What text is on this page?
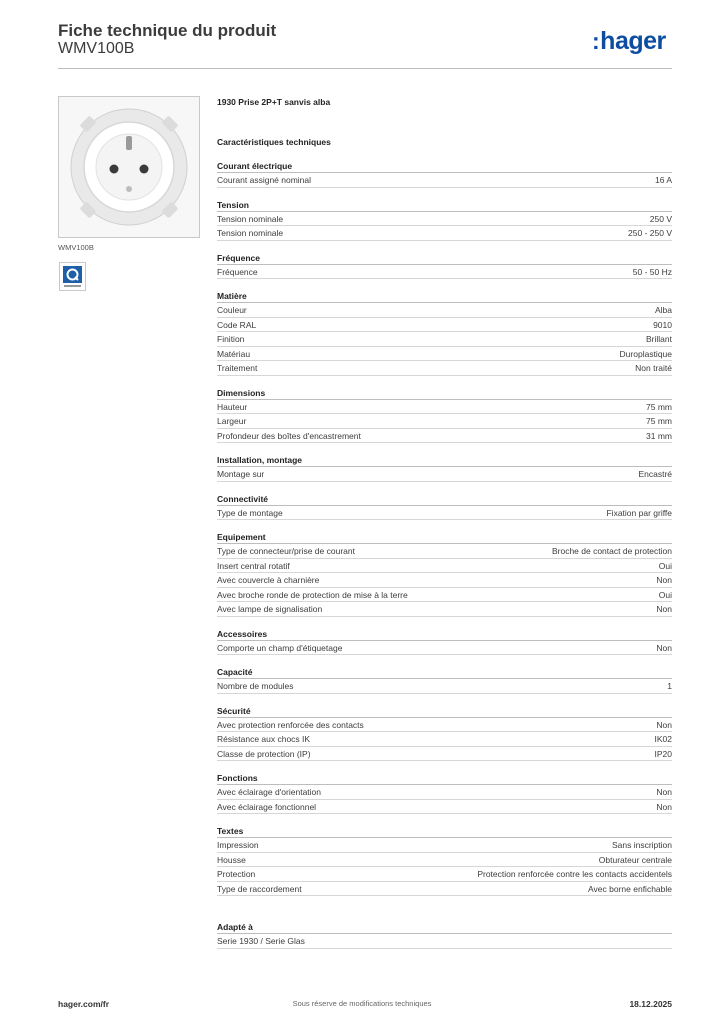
Fiche technique du produit
WMV100B	:hager
WMV100B
1930 Prise 2P+T sanvis alba
Caractéristiques techniques
Courant électrique
Courant assigné nominal	16 A
Tension
Tension nominale	250 V
Tension nominale	250 - 250 V
Fréquence
Fréquence	50 - 50 Hz
Matière
Couleur	Alba
Code RAL	9010
Finition	Brillant
Matériau	Duroplastique
Traitement	Non traité
Dimensions
Hauteur	75 mm
Largeur	75 mm
Profondeur des boîtes d'encastrement	31 mm
Installation, montage
Montage sur	Encastré
Connectivité
Type de montage	Fixation par griffe
Equipement
Type de connecteur/prise de courant	Broche de contact de protection
Insert central rotatif	Oui
Avec couvercle à charnière	Non
Avec broche ronde de protection de mise à la terre	Oui
Avec lampe de signalisation	Non
Accessoires
Comporte un champ d'étiquetage	Non
Capacité
Nombre de modules	1
Sécurité
Avec protection renforcée des contacts	Non
Résistance aux chocs IK	IK02
Classe de protection (IP)	IP20
Fonctions
Avec éclairage d'orientation	Non
Avec éclairage fonctionnel	Non
Textes
Impression	Sans inscription
Housse	Obturateur centrale
Protection	Protection renforcée contre les contacts accidentels
Type de raccordement	Avec borne enfichable
Adapté à
Serie 1930 / Serie Glas
Sous réserve de modifications techniques
hager.com/fr	18.12.2025
